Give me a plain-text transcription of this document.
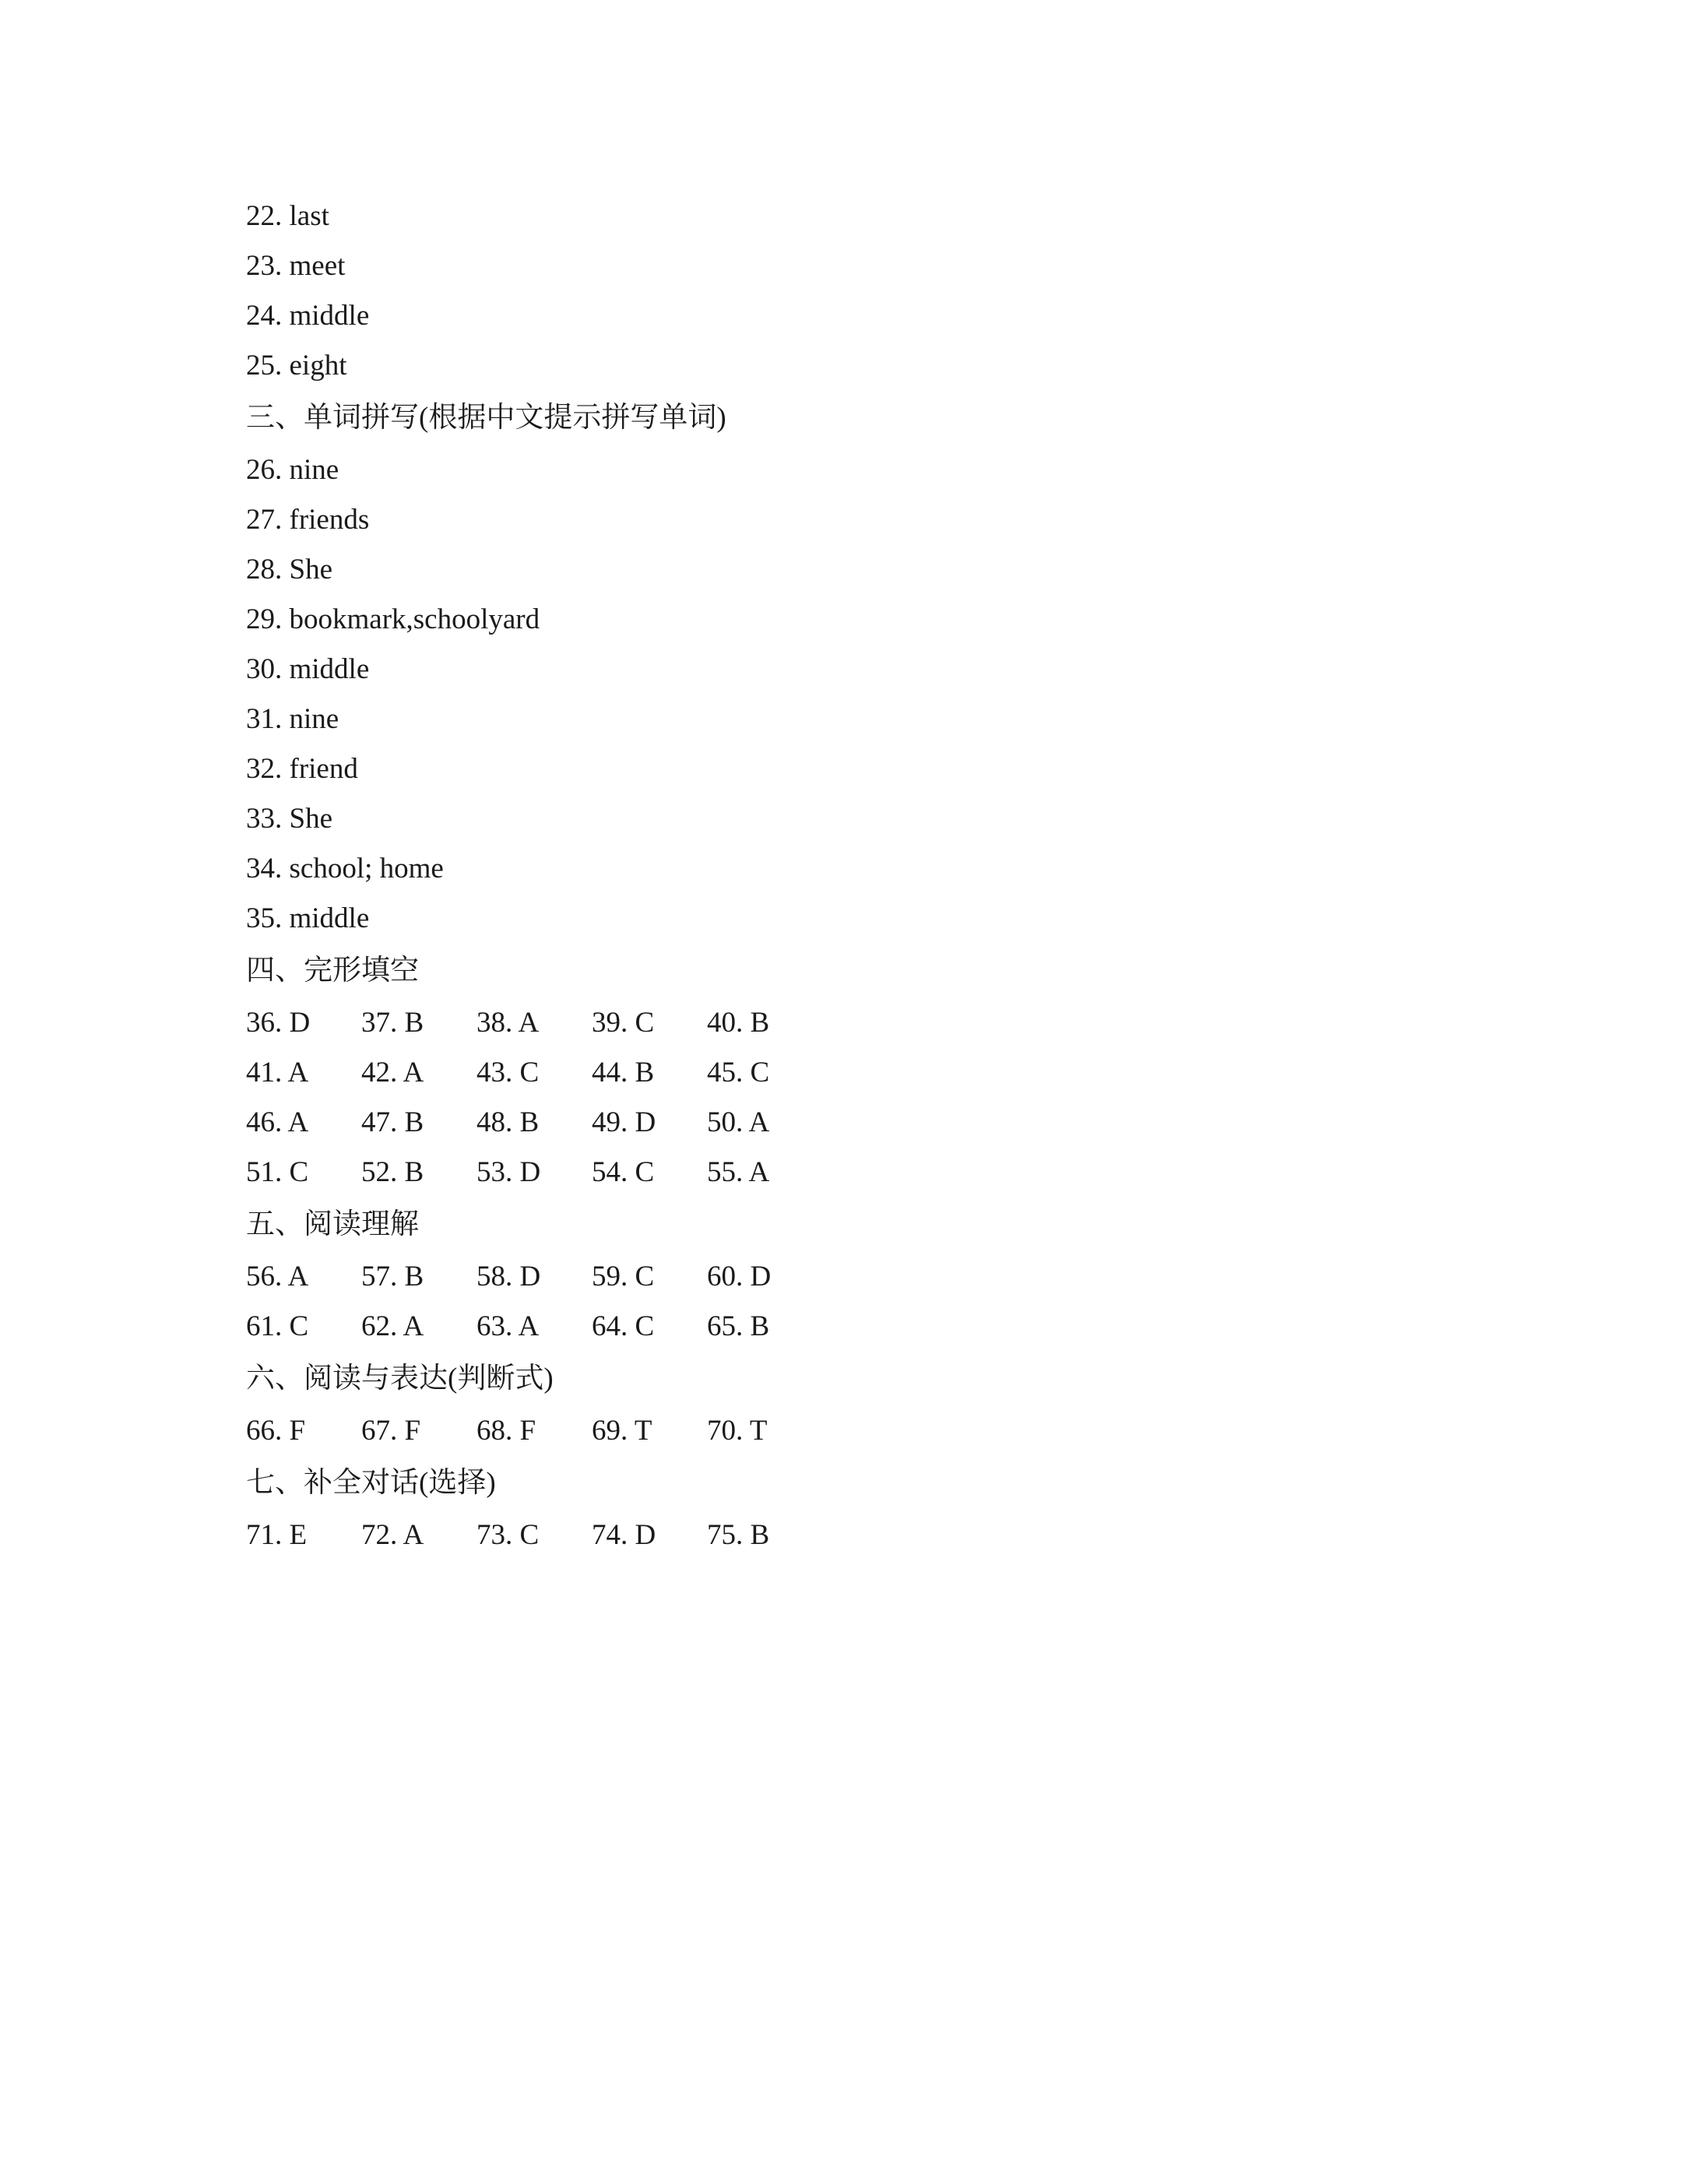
22. last
23. meet
24. middle
25. eight
三、单词拼写(根据中文提示拼写单词)
26. nine
27. friends
28. She
29. bookmark,schoolyard
30. middle
31. nine
32. friend
33. She
34. school; home
35. middle
四、完形填空
36. D	37. B	38. A	39. C	40. B
41. A	42. A	43. C	44. B	45. C
46. A	47. B	48. B	49. D	50. A
51. C	52. B	53. D	54. C	55. A
五、阅读理解
56. A	57. B	58. D	59. C	60. D
61. C	62. A	63. A	64. C	65. B
六、阅读与表达(判断式)
66. F	67. F	68. F	69. T	70. T
七、补全对话(选择)
71. E	72. A	73. C	74. D	75. B
